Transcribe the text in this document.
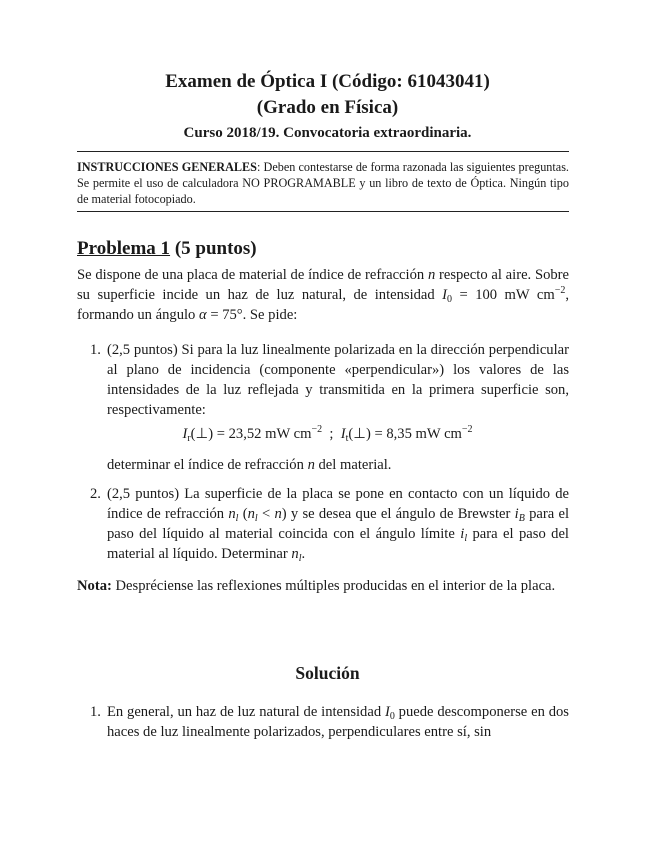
Examen de Óptica I (Código: 61043041)
(Grado en Física)
Curso 2018/19. Convocatoria extraordinaria.
INSTRUCCIONES GENERALES: Deben contestarse de forma razonada las siguientes preguntas. Se permite el uso de calculadora NO PROGRAMABLE y un libro de texto de Óptica. Ningún tipo de material fotocopiado.
Problema 1 (5 puntos)
Se dispone de una placa de material de índice de refracción n respecto al aire. Sobre su superficie incide un haz de luz natural, de intensidad $I_0 = 100$ mW $cm^{-2}$, formando un ángulo α = 75°. Se pide:
1. (2,5 puntos) Si para la luz linealmente polarizada en la dirección perpendicular al plano de incidencia (componente «perpendicular») los valores de las intensidades de la luz reflejada y transmitida en la primera superficie son, respectivamente:
$I_r(\perp) = 23,52$ mW $cm^{-2}$  ;  $I_t(\perp) = 8,35$ mW $cm^{-2}$
determinar el índice de refracción n del material.
2. (2,5 puntos) La superficie de la placa se pone en contacto con un líquido de índice de refracción $n_l$ $(n_l < n)$ y se desea que el ángulo de Brewster $i_B$ para el paso del líquido al material coincida con el ángulo límite $i_l$ para el paso del material al líquido. Determinar $n_l$.
Nota: Despréciense las reflexiones múltiples producidas en el interior de la placa.
Solución
1. En general, un haz de luz natural de intensidad $I_0$ puede descomponerse en dos haces de luz linealmente polarizados, perpendiculares entre sí, sin
